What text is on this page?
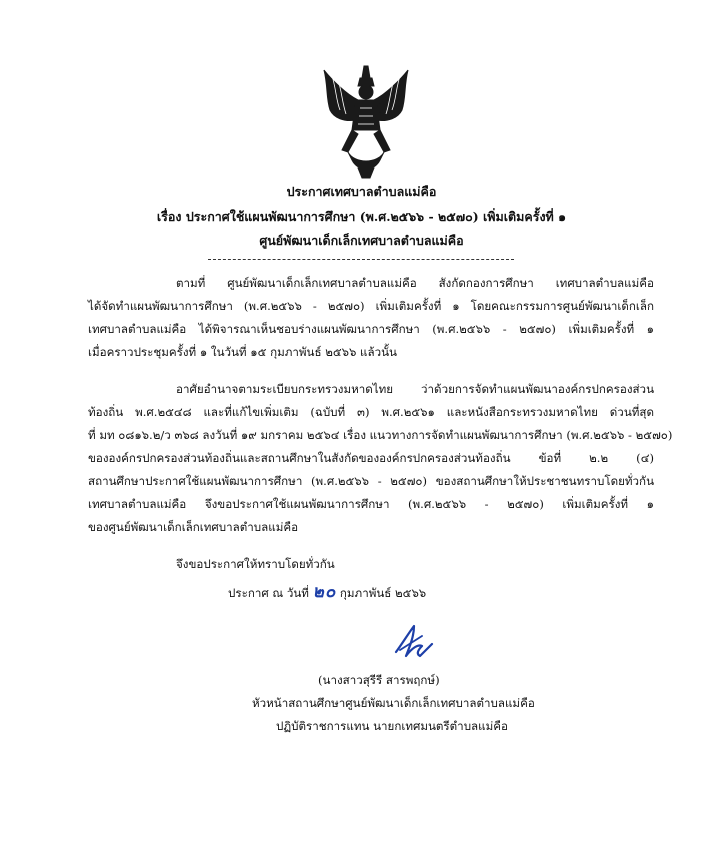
ประกาศเทศบาลตำบลแม่คือ
เรื่อง ประกาศใช้แผนพัฒนาการศึกษา (พ.ศ.๒๕๖๖ - ๒๕๗๐) เพิ่มเติมครั้งที่ ๑
ศูนย์พัฒนาเด็กเล็กเทศบาลตำบลแม่คือ
ตามที่ ศูนย์พัฒนาเด็กเล็กเทศบาลตำบลแม่คือ สังกัดกองการศึกษา เทศบาลตำบลแม่คือ
ได้จัดทำแผนพัฒนาการศึกษา (พ.ศ.๒๕๖๖ - ๒๕๗๐) เพิ่มเติมครั้งที่ ๑ โดยคณะกรรมการศูนย์พัฒนาเด็กเล็ก
เทศบาลตำบลแม่คือ ได้พิจารณาเห็นชอบร่างแผนพัฒนาการศึกษา (พ.ศ.๒๕๖๖ - ๒๕๗๐) เพิ่มเติมครั้งที่ ๑
เมื่อคราวประชุมครั้งที่ ๑ ในวันที่ ๑๕ กุมภาพันธ์ ๒๕๖๖ แล้วนั้น
อาศัยอำนาจตามระเบียบกระทรวงมหาดไทย ว่าด้วยการจัดทำแผนพัฒนาองค์กรปกครองส่วน
ท้องถิ่น พ.ศ.๒๕๔๘ และที่แก้ไขเพิ่มเติม (ฉบับที่ ๓) พ.ศ.๒๕๖๑ และหนังสือกระทรวงมหาดไทย ด่วนที่สุด
ที่ มท ๐๘๑๖.๒/ว ๓๖๘ ลงวันที่ ๑๙ มกราคม ๒๕๖๔ เรื่อง แนวทางการจัดทำแผนพัฒนาการศึกษา (พ.ศ.๒๕๖๖ - ๒๕๗๐)
ขององค์กรปกครองส่วนท้องถิ่นและสถานศึกษาในสังกัดขององค์กรปกครองส่วนท้องถิ่น ข้อที่ ๒.๒ (๔)
สถานศึกษาประกาศใช้แผนพัฒนาการศึกษา (พ.ศ.๒๕๖๖ - ๒๕๗๐) ของสถานศึกษาให้ประชาชนทราบโดยทั่วกัน
เทศบาลตำบลแม่คือ จึงขอประกาศใช้แผนพัฒนาการศึกษา (พ.ศ.๒๕๖๖ - ๒๕๗๐) เพิ่มเติมครั้งที่ ๑
ของศูนย์พัฒนาเด็กเล็กเทศบาลตำบลแม่คือ
จึงขอประกาศให้ทราบโดยทั่วกัน
ประกาศ ณ วันที่ ๒๐ กุมภาพันธ์ ๒๕๖๖
(นางสาวสุรีรี สารพฤกษ์)
หัวหน้าสถานศึกษาศูนย์พัฒนาเด็กเล็กเทศบาลตำบลแม่คือ
ปฏิบัติราชการแทน นายกเทศมนตรีตำบลแม่คือ
